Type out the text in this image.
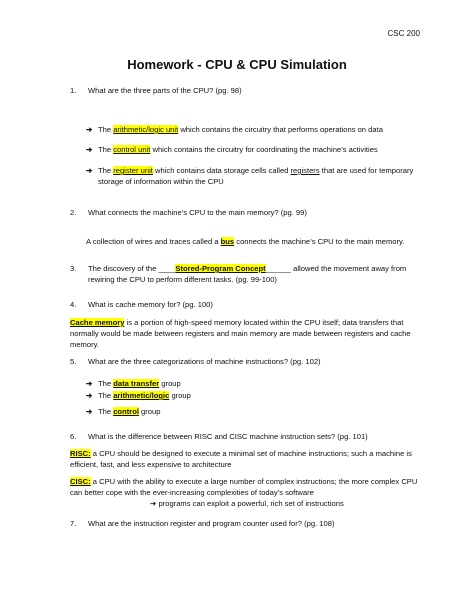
CSC 200
Homework - CPU & CPU Simulation
1. What are the three parts of the CPU? (pg. 98)
➔ The arithmetic/logic unit which contains the circuitry that performs operations on data
➔ The control unit which contains the circuitry for coordinating the machine’s activities
➔ The register unit which contains data storage cells called registers that are used for temporary storage of information within the CPU
2. What connects the machine’s CPU to the main memory? (pg. 99)
A collection of wires and traces called a bus connects the machine’s CPU to the main memory.
3. The discovery of the ____Stored-Program Concept______ allowed the movement away from rewiring the CPU to perform different tasks. (pg. 99-100)
4. What is cache memory for? (pg. 100)
Cache memory is a portion of high-speed memory located within the CPU itself; data transfers that normally would be made between registers and main memory are made between registers and cache memory.
5. What are the three categorizations of machine instructions? (pg. 102)
➔ The data transfer group
➔ The arithmetic/logic group
➔ The control group
6. What is the difference between RISC and CISC machine instruction sets? (pg. 101)
RISC: a CPU should be designed to execute a minimal set of machine instructions; such a machine is efficient, fast, and less expensive to architecture
CISC: a CPU with the ability to execute a large number of complex instructions; the more complex CPU can better cope with the ever-increasing complexities of today’s software
➔ programs can exploit a powerful, rich set of instructions
7. What are the instruction register and program counter used for? (pg. 108)
